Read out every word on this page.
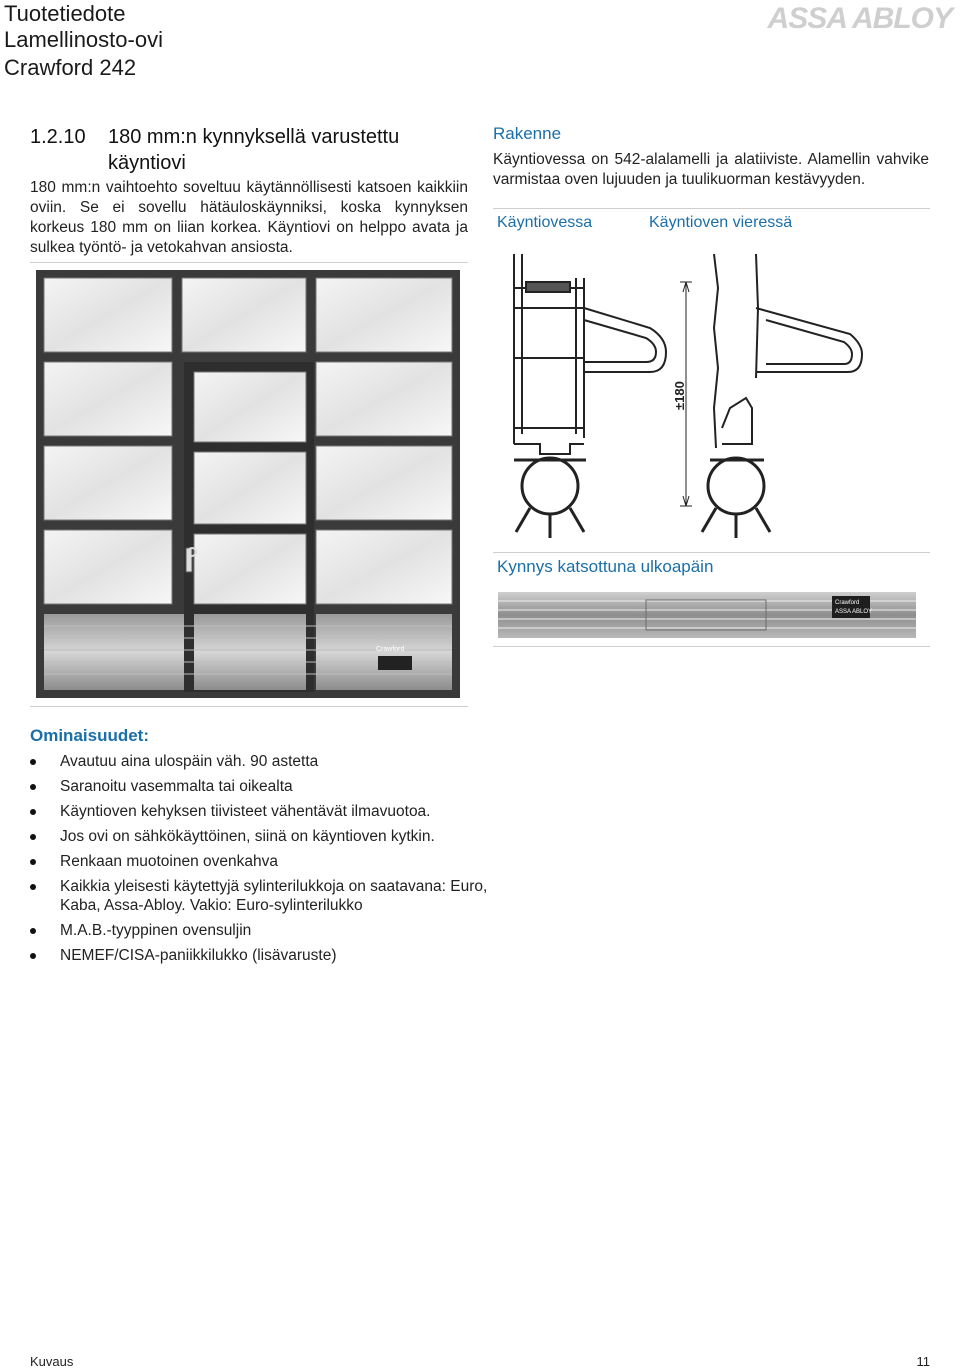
Tuotetiedote
Lamellinosto-ovi
Crawford 242
ASSA ABLOY
1.2.10 180 mm:n kynnyksellä varustettu
käyntiovi
180 mm:n vaihtoehto soveltuu käytännöllisesti katsoen kaikkiin oviin. Se ei sovellu hätäuloskäynniksi, koska kynnyksen korkeus 180 mm on liian korkea. Käyntiovi on helppo avata ja sulkea työntö- ja vetokahvan ansiosta.
Crawford
Rakenne
Käyntiovessa on 542-alalamelli ja alatiiviste. Alamellin vahvike varmistaa oven lujuuden ja tuulikuorman kestävyyden.
Käyntiovessa	Käyntioven vieressä
±180
Kynnys katsottuna ulkoapäin
Crawford
ASSA ABLOY
Ominaisuudet:
Avautuu aina ulospäin väh. 90 astetta
Saranoitu vasemmalta tai oikealta
Käyntioven kehyksen tiivisteet vähentävät ilmavuotoa.
Jos ovi on sähkökäyttöinen, siinä on käyntioven kytkin.
Renkaan muotoinen ovenkahva
Kaikkia yleisesti käytettyjä sylinterilukkoja on saatavana: Euro, Kaba, Assa-Abloy. Vakio: Euro-sylinterilukko
M.A.B.-tyyppinen ovensuljin
NEMEF/CISA-paniikkilukko (lisävaruste)
Kuvaus	11
